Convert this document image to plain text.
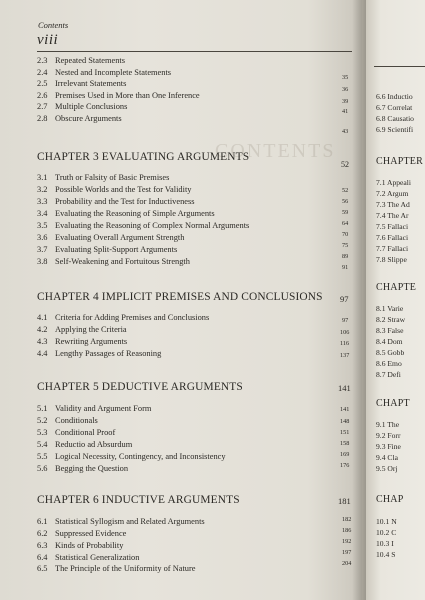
CONTENTS
Contents
viii
2.3 Repeated Statements
2.4 Nested and Incomplete Statements
2.5 Irrelevant Statements
2.6 Premises Used in More than One Inference
2.7 Multiple Conclusions
2.8 Obscure Arguments
35
36
39
41
43
CHAPTER 3 EVALUATING ARGUMENTS
52
3.1 Truth or Falsity of Basic Premises
3.2 Possible Worlds and the Test for Validity
3.3 Probability and the Test for Inductiveness
3.4 Evaluating the Reasoning of Simple Arguments
3.5 Evaluating the Reasoning of Complex Normal Arguments
3.6 Evaluating Overall Argument Strength
3.7 Evaluating Split-Support Arguments
3.8 Self-Weakening and Fortuitous Strength
52
56
59
64
70
75
89
91
CHAPTER 4 IMPLICIT PREMISES AND CONCLUSIONS 97
4.1 Criteria for Adding Premises and Conclusions
4.2 Applying the Criteria
4.3 Rewriting Arguments
4.4 Lengthy Passages of Reasoning
97
106
116
137
CHAPTER 5 DEDUCTIVE ARGUMENTS	141
5.1 Validity and Argument Form
5.2 Conditionals
5.3 Conditional Proof
5.4 Reductio ad Absurdum
5.5 Logical Necessity, Contingency, and Inconsistency
5.6 Begging the Question
141
148
151
158
169
176
CHAPTER 6 INDUCTIVE ARGUMENTS	181
6.1 Statistical Syllogism and Related Arguments
6.2 Suppressed Evidence
6.3 Kinds of Probability
6.4 Statistical Generalization
6.5 The Principle of the Uniformity of Nature
182
186
192
197
204
6.6 Inductio
6.7 Correlat
6.8 Causatio
6.9 Scientifi
CHAPTER
7.1 Appeali
7.2 Argum
7.3 The Ad
7.4 The Ar
7.5 Fallaci
7.6 Fallaci
7.7 Fallaci
7.8 Slippe
CHAPTE
8.1 Varie
8.2 Straw
8.3 False
8.4 Dom
8.5 Gobb
8.6 Emo
8.7 Defi
CHAPT
9.1 The
9.2 Forr
9.3 Fine
9.4 Cla
9.5 Orj
CHAP
10.1 N
10.2 C
10.3 I
10.4 S
